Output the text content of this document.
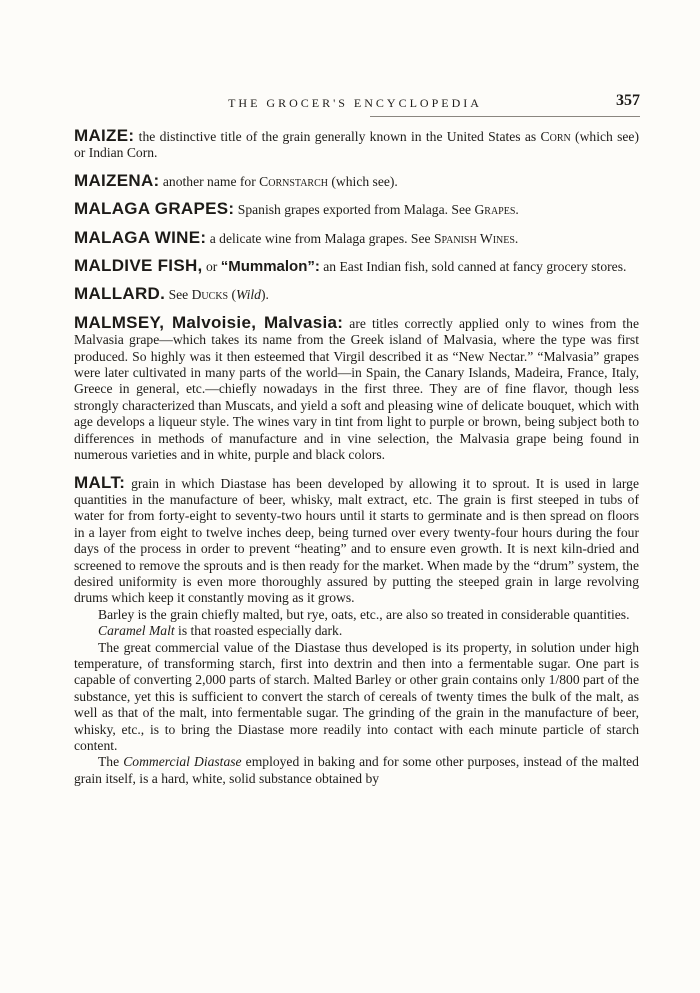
THE GROCER'S ENCYCLOPEDIA	357

MAIZE: the distinctive title of the grain generally known in the United States as Corn (which see) or Indian Corn.

MAIZENA: another name for Cornstarch (which see).

MALAGA GRAPES: Spanish grapes exported from Malaga. See Grapes.

MALAGA WINE: a delicate wine from Malaga grapes. See Spanish Wines.

MALDIVE FISH, or “Mummalon”: an East Indian fish, sold canned at fancy grocery stores.

MALLARD. See Ducks (Wild).

MALMSEY, Malvoisie, Malvasia: are titles correctly applied only to wines from the Malvasia grape—which takes its name from the Greek island of Malvasia, where the type was first produced. So highly was it then esteemed that Virgil described it as “New Nectar.” “Malvasia” grapes were later cultivated in many parts of the world—in Spain, the Canary Islands, Madeira, France, Italy, Greece in general, etc.—chiefly nowadays in the first three. They are of fine flavor, though less strongly characterized than Muscats, and yield a soft and pleasing wine of delicate bouquet, which with age develops a liqueur style. The wines vary in tint from light to purple or brown, being subject both to differences in methods of manufacture and in vine selection, the Malvasia grape being found in numerous varieties and in white, purple and black colors.

MALT: grain in which Diastase has been developed by allowing it to sprout. It is used in large quantities in the manufacture of beer, whisky, malt extract, etc. The grain is first steeped in tubs of water for from forty-eight to seventy-two hours until it starts to germinate and is then spread on floors in a layer from eight to twelve inches deep, being turned over every twenty-four hours during the four days of the process in order to prevent “heating” and to ensure even growth. It is next kiln-dried and screened to remove the sprouts and is then ready for the market. When made by the “drum” system, the desired uniformity is even more thoroughly assured by putting the steeped grain in large revolving drums which keep it constantly moving as it grows.

Barley is the grain chiefly malted, but rye, oats, etc., are also so treated in considerable quantities.

Caramel Malt is that roasted especially dark.

The great commercial value of the Diastase thus developed is its property, in solution under high temperature, of transforming starch, first into dextrin and then into a fermentable sugar. One part is capable of converting 2,000 parts of starch. Malted Barley or other grain contains only 1/800 part of the substance, yet this is sufficient to convert the starch of cereals of twenty times the bulk of the malt, as well as that of the malt, into fermentable sugar. The grinding of the grain in the manufacture of beer, whisky, etc., is to bring the Diastase more readily into contact with each minute particle of starch content.

The Commercial Diastase employed in baking and for some other purposes, instead of the malted grain itself, is a hard, white, solid substance obtained by
